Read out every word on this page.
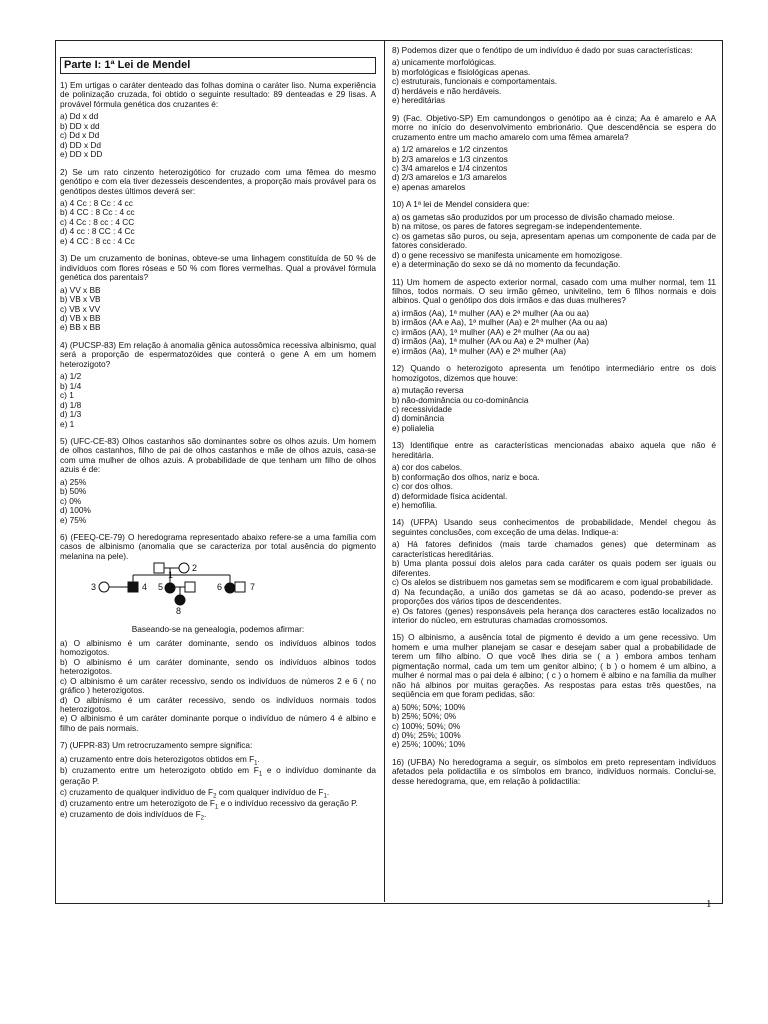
Parte I: 1ª Lei de Mendel
1) Em urtigas o caráter denteado das folhas domina o caráter liso. Numa experiência de polinização cruzada, foi obtido o seguinte resultado: 89 denteadas e 29 lisas. A provável fórmula genética dos cruzantes é:
a) Dd x dd
b) DD x dd
c) Dd x Dd
d) DD x Dd
e) DD x DD
2) Se um rato cinzento heterozigótico for cruzado com uma fêmea do mesmo genótipo e com ela tiver dezesseis descendentes, a proporção mais provável para os genótipos destes últimos deverá ser:
a) 4 Cc : 8 Cc : 4 cc
b) 4 CC : 8 Cc : 4 cc
c) 4 Cc : 8 cc : 4 CC
d) 4 cc : 8 CC : 4 Cc
e) 4 CC : 8 cc : 4 Cc
3) De um cruzamento de boninas, obteve-se uma linhagem constituída de 50 % de indivíduos com flores róseas e 50 % com flores vermelhas. Qual a provável fórmula genética dos parentais?
a) VV x BB
b) VB x VB
c) VB x VV
d) VB x BB
e) BB x BB
4) (PUCSP-83) Em relação à anomalia gênica autossômica recessiva albinismo, qual será a proporção de espermatozóides que conterá o gene A em um homem heterozigoto?
a) 1/2
b) 1/4
c) 1
d) 1/8
d) 1/3
e) 1
5) (UFC-CE-83) Olhos castanhos são dominantes sobre os olhos azuis. Um homem de olhos castanhos, filho de pai de olhos castanhos e mãe de olhos azuis, casa-se com uma mulher de olhos azuis. A probabilidade de que tenham um filho de olhos azuis é de:
a) 25%
b) 50%
c) 0%
d) 100%
e) 75%
6) (FEEQ-CE-79) O heredograma representado abaixo refere-se a uma família com casos de albinismo (anomalia que se caracteriza por total ausência do pigmento melanina na pele).
1
2
3	4 5	6	7
8
Baseando-se na genealogia, podemos afirmar:
a) O albinismo é um caráter dominante, sendo os indivíduos albinos todos homozigotos.
b) O albinismo é um caráter dominante, sendo os indivíduos albinos todos heterozigotos.
c) O albinismo é um caráter recessivo, sendo os indivíduos de números 2 e 6 ( no gráfico ) heterozigotos.
d) O albinismo é um caráter recessivo, sendo os indivíduos normais todos heterozigotos.
e) O albinismo é um caráter dominante porque o indivíduo de número 4 é albino e filho de pais normais.
7) (UFPR-83) Um retrocruzamento sempre significa:
a) cruzamento entre dois heterozigotos obtidos em $F_1$.
b) cruzamento entre um heterozigoto obtido em $F_1$ e o indivíduo dominante da geração P.
c) cruzamento de qualquer indivíduo de $F_2$ com qualquer indivíduo de $F_1$.
d) cruzamento entre um heterozigoto de $F_1$ e o indivíduo recessivo da geração P.
e) cruzamento de dois indivíduos de $F_2$.
8) Podemos dizer que o fenótipo de um indivíduo é dado por suas características:
a) unicamente morfológicas.
b) morfológicas e fisiológicas apenas.
c) estruturais, funcionais e comportamentais.
d) herdáveis e não herdáveis.
e) hereditárias
9) (Fac. Objetivo-SP) Em camundongos o genótipo aa é cinza; Aa é amarelo e AA morre no início do desenvolvimento embrionário. Que descendência se espera do cruzamento entre um macho amarelo com uma fêmea amarela?
a) 1/2 amarelos e 1/2 cinzentos
b) 2/3 amarelos e 1/3 cinzentos
c) 3/4 amarelos e 1/4 cinzentos
d) 2/3 amarelos e 1/3 amarelos
e) apenas amarelos
10) A 1ª lei de Mendel considera que:
a) os gametas são produzidos por um processo de divisão chamado meiose.
b) na mitose, os pares de fatores segregam-se independentemente.
c) os gametas são puros, ou seja, apresentam apenas um componente de cada par de fatores considerado.
d) o gene recessivo se manifesta unicamente em homozigose.
e) a determinação do sexo se dá no momento da fecundação.
11) Um homem de aspecto exterior normal, casado com uma mulher normal, tem 11 filhos, todos normais. O seu irmão gêmeo, univitelino, tem 6 filhos normais e dois albinos. Qual o genótipo dos dois irmãos e das duas mulheres?
a) irmãos (Aa), 1ª mulher (AA) e 2ª mulher (Aa ou aa)
b) irmãos (AA e Aa), 1ª mulher (Aa) e 2ª mulher (Aa ou aa)
c) irmãos (AA), 1ª mulher (AA) e 2ª mulher (Aa ou aa)
d) irmãos (Aa), 1ª mulher (AA ou Aa) e 2ª mulher (Aa)
e) irmãos (Aa), 1ª mulher (AA) e 2ª mulher (Aa)
12) Quando o heterozigoto apresenta um fenótipo intermediário entre os dois homozigotos, dizemos que houve:
a) mutação reversa
b) não-dominância ou co-dominância
c) recessividade
d) dominância
e) polialelia
13) Identifique entre as características mencionadas abaixo aquela que não é hereditária.
a) cor dos cabelos.
b) conformação dos olhos, nariz e boca.
c) cor dos olhos.
d) deformidade física acidental.
e) hemofilia.
14) (UFPA) Usando seus conhecimentos de probabilidade, Mendel chegou às seguintes conclusões, com exceção de uma delas. Indique-a:
a) Há fatores definidos (mais tarde chamados genes) que determinam as características hereditárias.
b) Uma planta possui dois alelos para cada caráter os quais podem ser iguais ou diferentes.
c) Os alelos se distribuem nos gametas sem se modificarem e com igual probabilidade.
d) Na fecundação, a união dos gametas se dá ao acaso, podendo-se prever as proporções dos vários tipos de descendentes.
e) Os fatores (genes) responsáveis pela herança dos caracteres estão localizados no interior do núcleo, em estruturas chamadas cromossomos.
15) O albinismo, a ausência total de pigmento é devido a um gene recessivo. Um homem e uma mulher planejam se casar e desejam saber qual a probabilidade de terem um filho albino. O que você lhes diria se ( a ) embora ambos tenham pigmentação normal, cada um tem um genitor albino; ( b ) o homem é um albino, a mulher é normal mas o pai dela é albino; ( c ) o homem é albino e na família da mulher não há albinos por muitas gerações. As respostas para estas três questões, na seqüência em que foram pedidas, são:
a) 50%; 50%; 100%
b) 25%; 50%; 0%
c) 100%; 50%; 0%
d) 0%; 25%; 100%
e) 25%; 100%; 10%
16) (UFBA) No heredograma a seguir, os símbolos em preto representam indivíduos afetados pela polidactilia e os símbolos em branco, indivíduos normais. Conclui-se, desse heredograma, que, em relação à polidactilia:
1
